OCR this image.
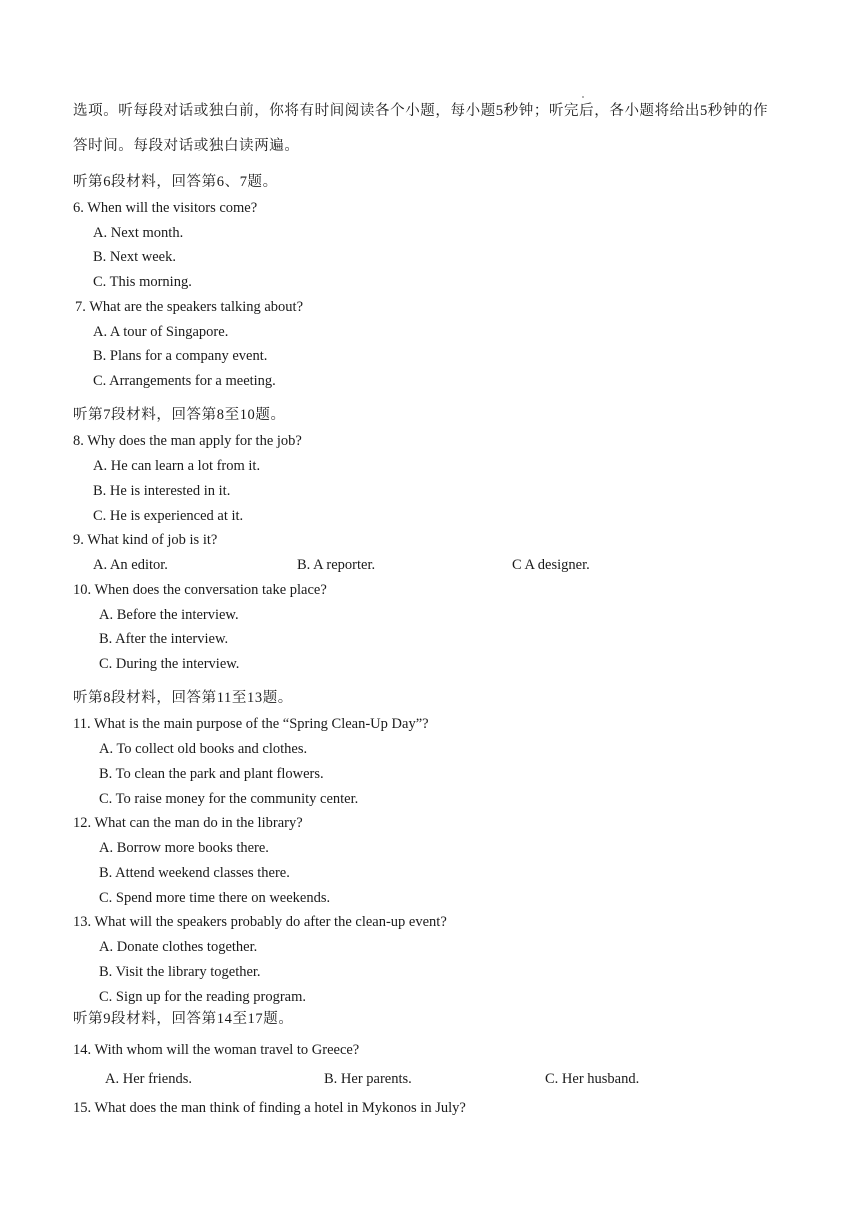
选项。听每段对话或独白前，你将有时间阅读各个小题，每小题5秒钟；听完后，各小题将给出5秒钟的作
答时间。每段对话或独白读两遍。
听第6段材料，回答第6、7题。
6. When will the visitors come?
A. Next month.
B. Next week.
C. This morning.
7. What are the speakers talking about?
A. A tour of Singapore.
B. Plans for a company event.
C. Arrangements for a meeting.
听第7段材料，回答第8至10题。
8. Why does the man apply for the job?
A. He can learn a lot from it.
B. He is interested in it.
C. He is experienced at it.
9. What kind of job is it?
A. An editor.	B. A reporter.	C A designer.
10. When does the conversation take place?
A. Before the interview.
B. After the interview.
C. During the interview.
听第8段材料，回答第11至13题。
11. What is the main purpose of the “Spring Clean-Up Day”?
A. To collect old books and clothes.
B. To clean the park and plant flowers.
C. To raise money for the community center.
12. What can the man do in the library?
A. Borrow more books there.
B. Attend weekend classes there.
C. Spend more time there on weekends.
13. What will the speakers probably do after the clean-up event?
A. Donate clothes together.
B. Visit the library together.
C. Sign up for the reading program.
听第9段材料，回答第14至17题。
14. With whom will the woman travel to Greece?
A. Her friends.	B. Her parents.	C. Her husband.
15. What does the man think of finding a hotel in Mykonos in July?
